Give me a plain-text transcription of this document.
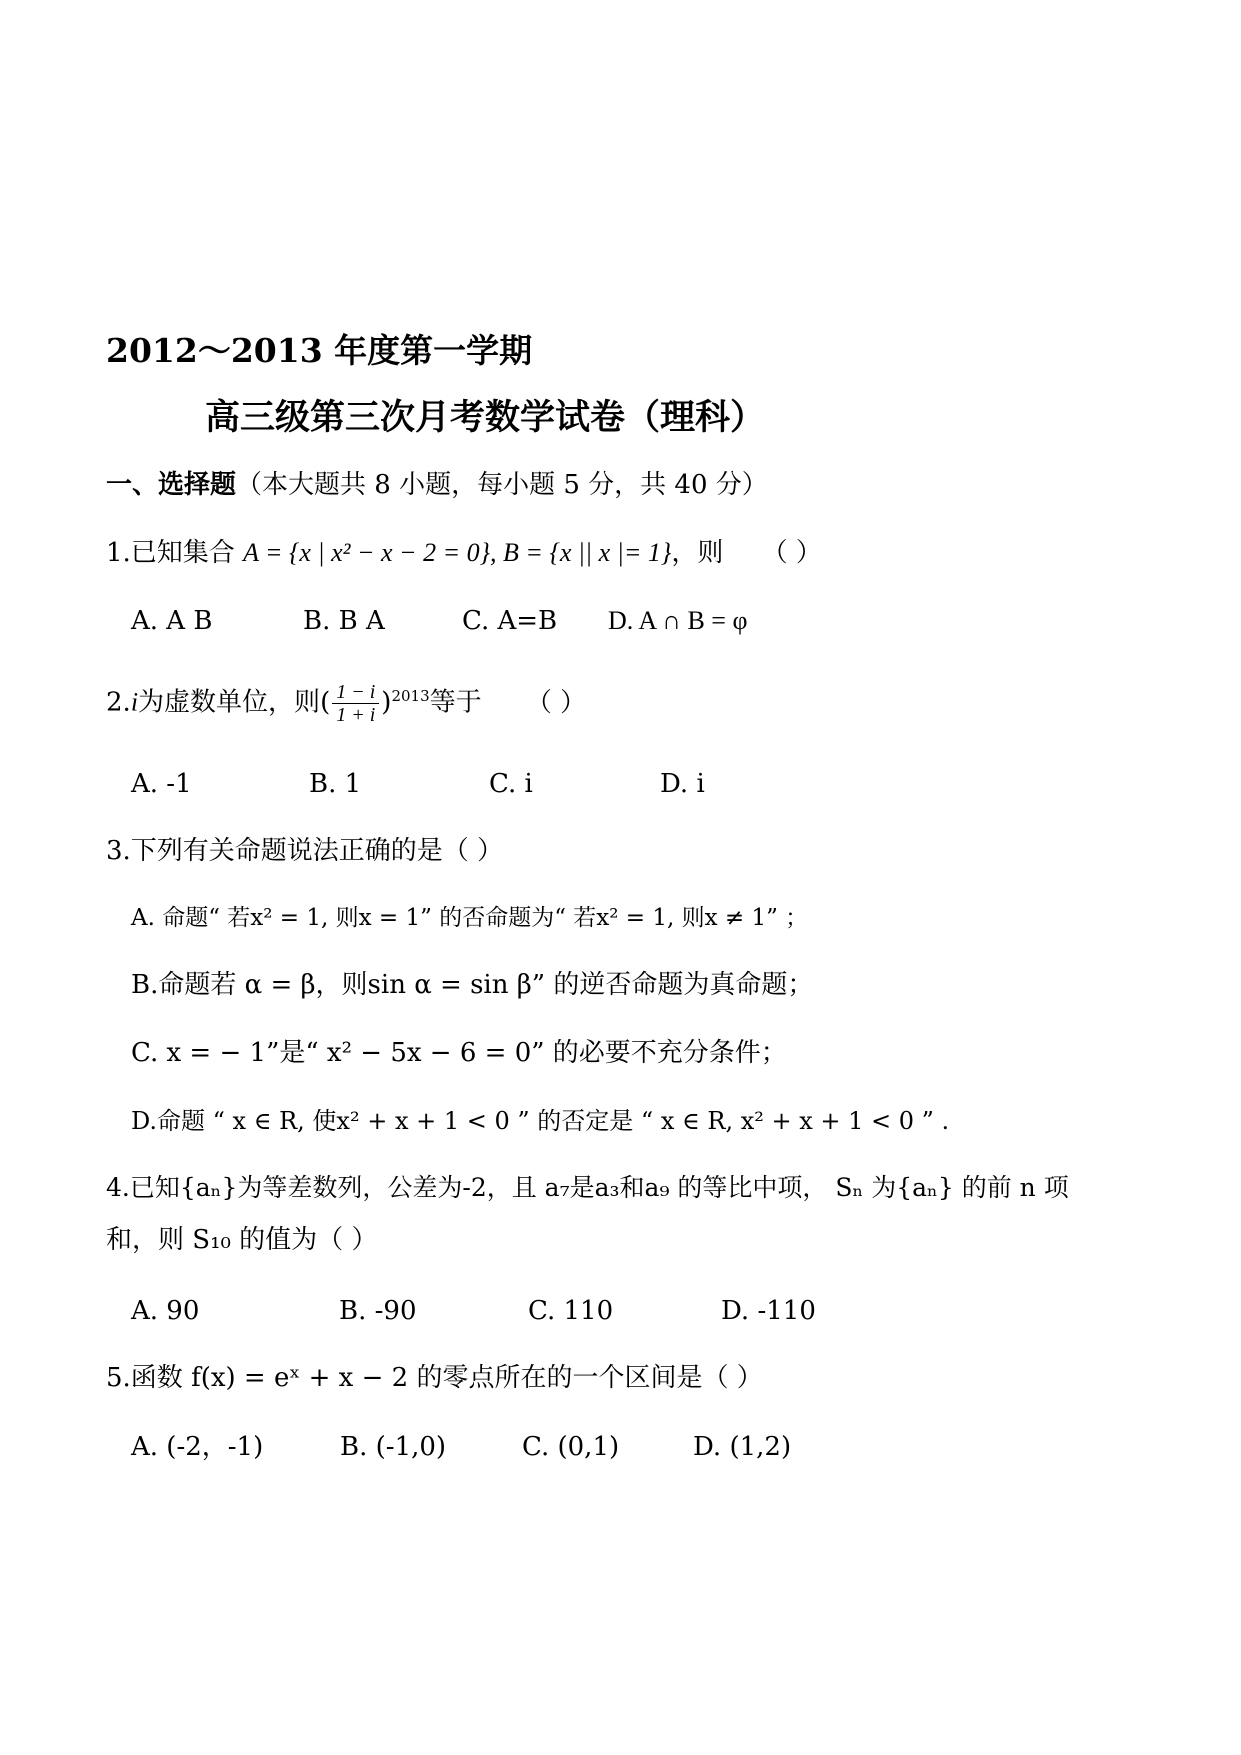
2012～2013 年度第一学期
高三级第三次月考数学试卷（理科）
一、选择题（本大题共 8 小题，每小题 5 分，共 40 分）
1.已知集合 A = {x | x² − x − 2 = 0}, B = {x || x |= 1}，则 （ ）
A. A B	B. B A	C. A=B D. A ∩ B = φ
2.i为虚数单位，则( $\frac{1 - i}{1 + i} )^{2013}$等于 （ ）
A. -1	B. 1	C. i	D. i
3.下列有关命题说法正确的是（ ）
A. 命题“ 若x² = 1, 则x = 1” 的否命题为“ 若x² = 1, 则x ≠ 1” ；
B.命题若 α = β，则sin α = sin β” 的逆否命题为真命题；
C. x = − 1”是“ x² − 5x − 6 = 0” 的必要不充分条件；
D.命题 “ x ∈ R, 使x² + x + 1 < 0 ” 的否定是 “ x ∈ R, x² + x + 1 < 0 ” .
4.已知{aₙ}为等差数列，公差为-2，且 a₇是a₃和a₉ 的等比中项， Sₙ 为{aₙ} 的前 n 项
和，则 S₁₀ 的值为（ ）
A. 90	B. -90	C. 110	D. -110
5.函数 f(x) = eˣ + x − 2 的零点所在的一个区间是（ ）
A. (-2，-1)	B. (-1,0)	C. (0,1)	D. (1,2)
